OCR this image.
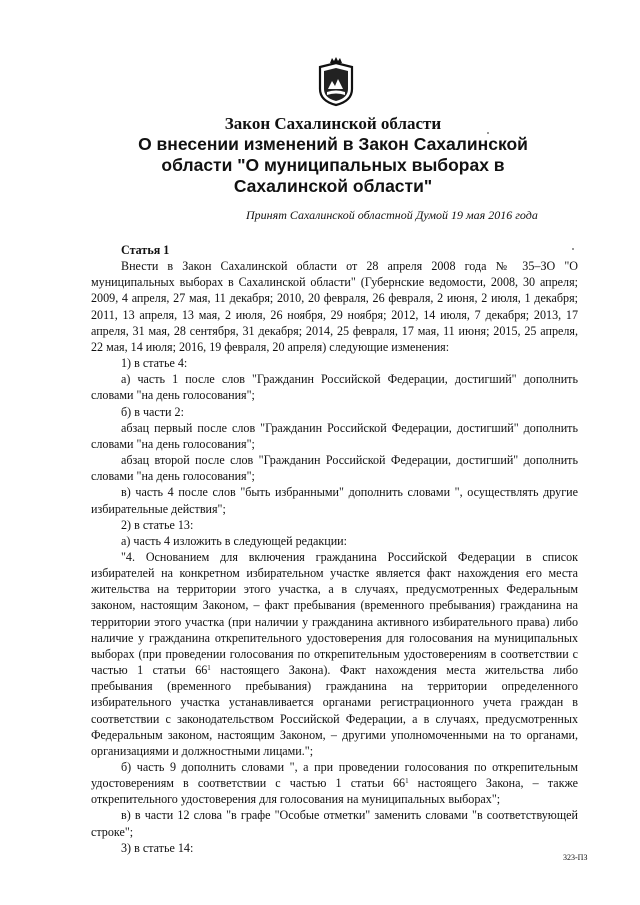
Закон Сахалинской области
О внесении изменений в Закон Сахалинской
области "О муниципальных выборах в
Сахалинской области"
Принят Сахалинской областной Думой 19 мая 2016 года

Статья 1

Внести в Закон Сахалинской области от 28 апреля 2008 года № 35–ЗО "О муниципальных выборах в Сахалинской области" (Губернские ведомости, 2008, 30 апреля; 2009, 4 апреля, 27 мая, 11 декабря; 2010, 20 февраля, 26 февраля, 2 июня, 2 июля, 1 декабря; 2011, 13 апреля, 13 мая, 2 июля, 26 ноября, 29 ноября; 2012, 14 июля, 7 декабря; 2013, 17 апреля, 31 мая, 28 сентября, 31 декабря; 2014, 25 февраля, 17 мая, 11 июня; 2015, 25 апреля, 22 мая, 14 июля; 2016, 19 февраля, 20 апреля) следующие изменения:

1) в статье 4:

а) часть 1 после слов "Гражданин Российской Федерации, достигший" дополнить словами "на день голосования";

б) в части 2:

абзац первый после слов "Гражданин Российской Федерации, достигший" дополнить словами "на день голосования";

абзац второй после слов "Гражданин Российской Федерации, достигший" дополнить словами "на день голосования";

в) часть 4 после слов "быть избранными" дополнить словами ", осуществлять другие избирательные действия";

2) в статье 13:

а) часть 4 изложить в следующей редакции:

"4. Основанием для включения гражданина Российской Федерации в список избирателей на конкретном избирательном участке является факт нахождения его места жительства на территории этого участка, а в случаях, предусмотренных Федеральным законом, настоящим Законом, – факт пребывания (временного пребывания) гражданина на территории этого участка (при наличии у гражданина активного избирательного права) либо наличие у гражданина открепительного удостоверения для голосования на муниципальных выборах (при проведении голосования по открепительным удостоверениям в соответствии с частью 1 статьи $66^1$ настоящего Закона). Факт нахождения места жительства либо пребывания (временного пребывания) гражданина на территории определенного избирательного участка устанавливается органами регистрационного учета граждан в соответствии с законодательством Российской Федерации, а в случаях, предусмотренных Федеральным законом, настоящим Законом, – другими уполномоченными на то органами, организациями и должностными лицами.";

б) часть 9 дополнить словами ", а при проведении голосования по открепительным удостоверениям в соответствии с частью 1 статьи $66^1$ настоящего Закона, – также открепительного удостоверения для голосования на муниципальных выборах";

в) в части 12 слова "в графе "Особые отметки" заменить словами "в соответствующей строке";

3) в статье 14:

323-ПЗ
